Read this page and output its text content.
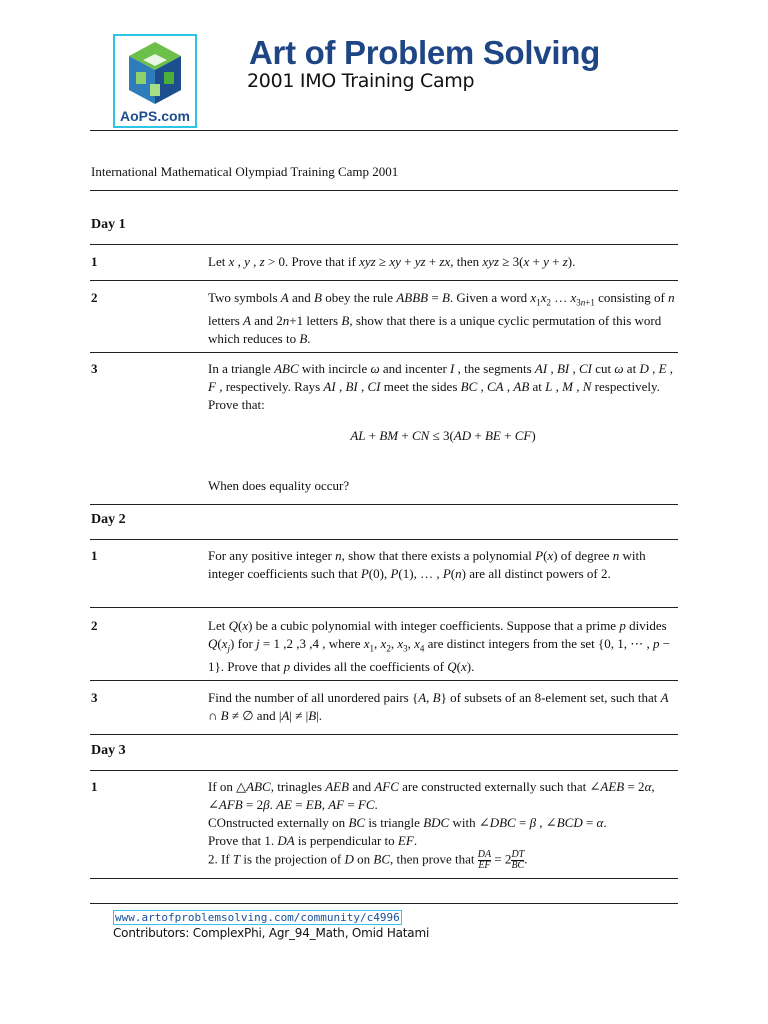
AoPS.com
Art of Problem Solving
2001 IMO Training Camp
International Mathematical Olympiad Training Camp 2001
Day 1
1	Let x , y , z > 0. Prove that if xyz ≥ xy + yz + zx, then xyz ≥ 3(x + y + z).
2	Two symbols A and B obey the rule ABBB = B. Given a word $x_1x_2$ … $x_{3n+1}$ consisting of n letters A and 2n+1 letters B, show that there is a unique cyclic permutation of this word which reduces to B.
3	In a triangle ABC with incircle ω and incenter I , the segments AI , BI , CI cut ω at D , E , F , respectively. Rays AI , BI , CI meet the sides BC , CA , AB at L , M , N respectively. Prove that:
AL + BM + CN ≤ 3(AD + BE + CF)
When does equality occur?
Day 2
1	For any positive integer n, show that there exists a polynomial P(x) of degree n with integer coefficients such that P(0), P(1), … , P(n) are all distinct powers of 2.
2	Let Q(x) be a cubic polynomial with integer coefficients. Suppose that a prime p divides $Q(x_j)$ for j = 1 ,2 ,3 ,4 , where $x_1$, $x_2$, $x_3$, $x_4$ are distinct integers from the set {0, 1, ⋯ , p − 1}. Prove that p divides all the coefficients of Q(x).
3	Find the number of all unordered pairs {A, B} of subsets of an 8-element set, such that A ∩ B ≠ ∅ and |A| ≠ |B|.
Day 3
1	If on △ABC, trinagles AEB and AFC are constructed externally such that ∠AEB = 2α, ∠AFB = 2β. AE = EB, AF = FC.
COnstructed externally on BC is triangle BDC with ∠DBC = β , ∠BCD = α.
Prove that 1. DA is perpendicular to EF.
2. If T is the projection of D on BC, then prove that $\frac{DA}{EF} = 2 \frac{DT}{BC}$ .
www.artofproblemsolving.com/community/c4996
Contributors: ComplexPhi, Agr_94_Math, Omid Hatami
